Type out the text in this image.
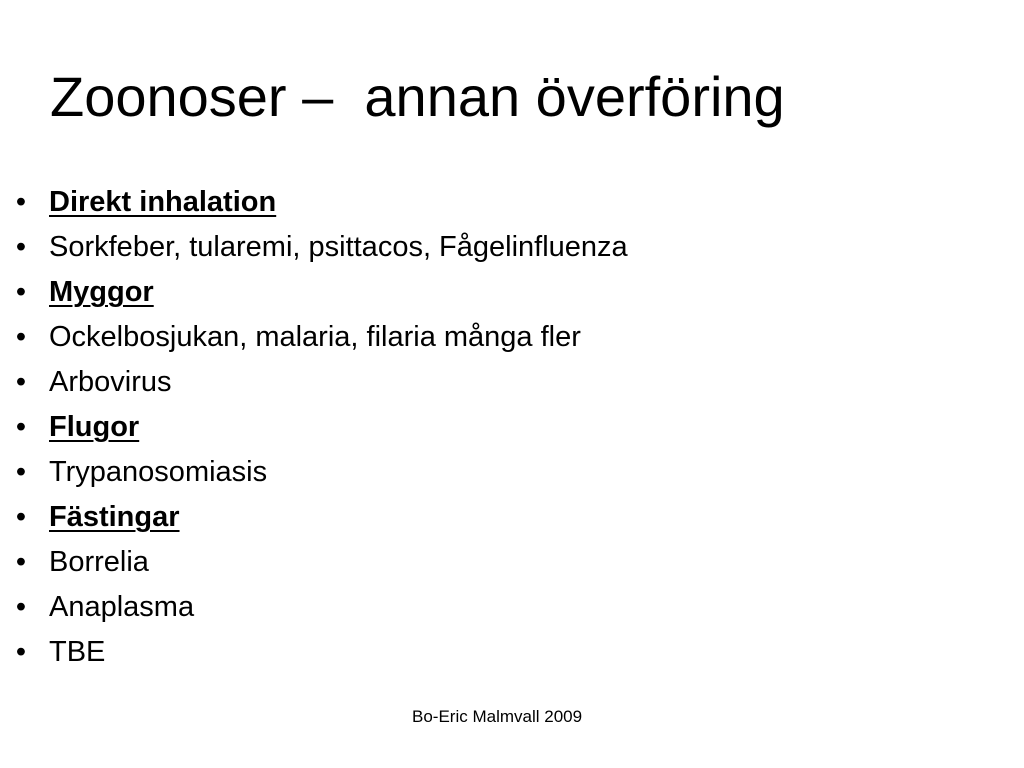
Zoonoser –  annan överföring
• Direkt inhalation
• Sorkfeber, tularemi, psittacos, Fågelinfluenza
• Myggor
• Ockelbosjukan, malaria, filaria många fler
• Arbovirus
• Flugor
• Trypanosomiasis
• Fästingar
• Borrelia
• Anaplasma
• TBE
Bo-Eric Malmvall 2009
